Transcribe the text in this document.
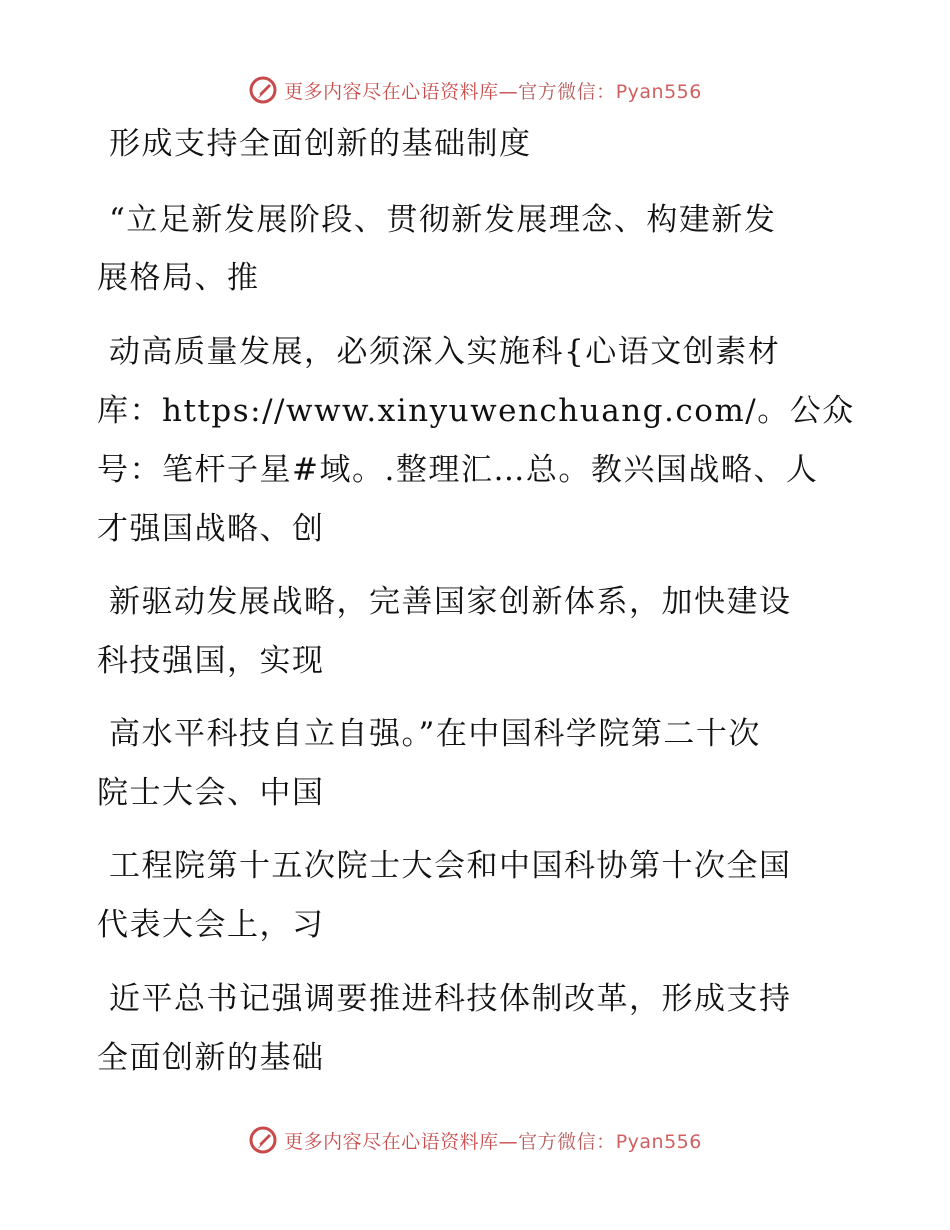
更多内容尽在心语资料库—官方微信：Pyan556
形成支持全面创新的基础制度
“立足新发展阶段、贯彻新发展理念、构建新发
展格局、推
动高质量发展，必须深入实施科{心语文创素材
库：https://www.xinyuwenchuang.com/。公众
号：笔杆子星#域。.整理汇…总。教兴国战略、人
才强国战略、创
新驱动发展战略，完善国家创新体系，加快建设
科技强国，实现
高水平科技自立自强。”在中国科学院第二十次
院士大会、中国
工程院第十五次院士大会和中国科协第十次全国
代表大会上，习
近平总书记强调要推进科技体制改革，形成支持
全面创新的基础
更多内容尽在心语资料库—官方微信：Pyan556
